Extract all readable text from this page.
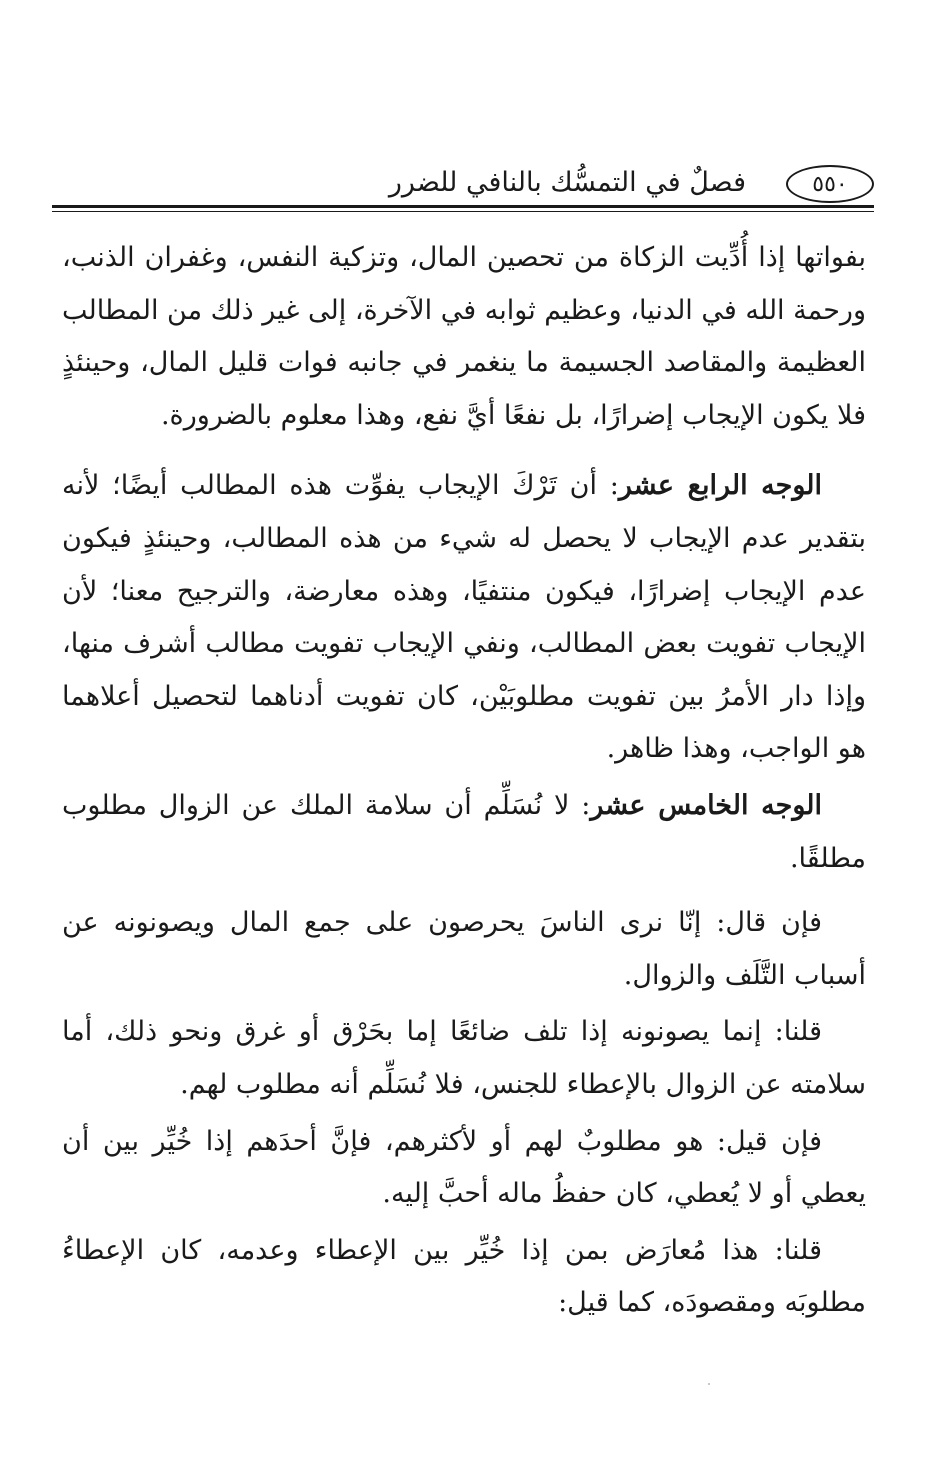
٥٥٠
فصلٌ في التمسُّك بالنافي للضرر

بفواتها إذا أُدِّيت الزكاة من تحصين المال، وتزكية النفس، وغفران الذنب، ورحمة الله في الدنيا، وعظيم ثوابه في الآخرة، إلى غير ذلك من المطالب العظيمة والمقاصد الجسيمة ما ينغمر في جانبه فوات قليل المال، وحينئذٍ فلا يكون الإيجاب إضرارًا، بل نفعًا أيَّ نفع، وهذا معلوم بالضرورة.

الوجه الرابع عشر: أن تَرْكَ الإيجاب يفوِّت هذه المطالب أيضًا؛ لأنه بتقدير عدم الإيجاب لا يحصل له شيء من هذه المطالب، وحينئذٍ فيكون عدم الإيجاب إضرارًا، فيكون منتفيًا، وهذه معارضة، والترجيح معنا؛ لأن الإيجاب تفويت بعض المطالب، ونفي الإيجاب تفويت مطالب أشرف منها، وإذا دار الأمرُ بين تفويت مطلوبَيْن، كان تفويت أدناهما لتحصيل أعلاهما هو الواجب، وهذا ظاهر.

الوجه الخامس عشر: لا نُسَلِّم أن سلامة الملك عن الزوال مطلوب مطلقًا.

فإن قال: إنّا نرى الناسَ يحرصون على جمع المال ويصونونه عن أسباب التَّلَف والزوال.

قلنا: إنما يصونونه إذا تلف ضائعًا إما بحَرْق أو غرق ونحو ذلك، أما سلامته عن الزوال بالإعطاء للجنس، فلا نُسَلِّم أنه مطلوب لهم.

فإن قيل: هو مطلوبٌ لهم أو لأكثرهم، فإنَّ أحدَهم إذا خُيِّر بين أن يعطي أو لا يُعطي، كان حفظُ ماله أحبَّ إليه.

قلنا: هذا مُعارَض بمن إذا خُيِّر بين الإعطاء وعدمه، كان الإعطاءُ مطلوبَه ومقصودَه، كما قيل:
